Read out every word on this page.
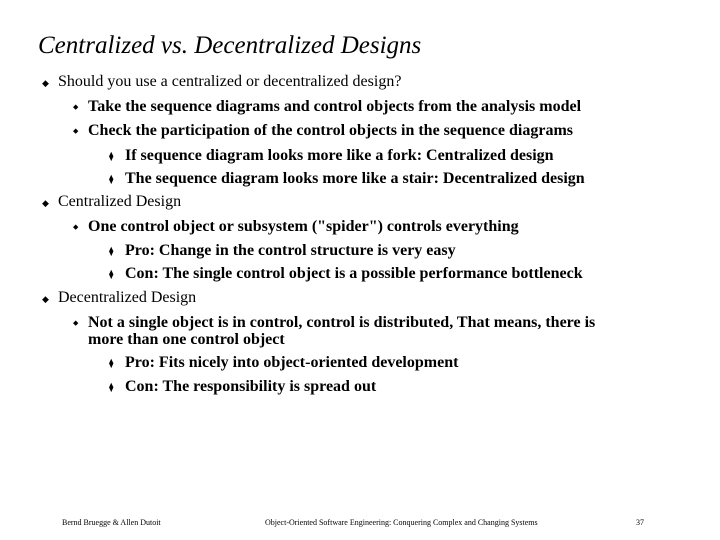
Centralized vs. Decentralized Designs
◆ Should you use a centralized or decentralized design?
◆ Take the sequence diagrams and control objects from the analysis model
◆ Check the participation of the control objects in the sequence diagrams
⧫ If sequence diagram looks more like a fork: Centralized design
⧫ The sequence diagram looks more like a stair: Decentralized design
◆ Centralized Design
◆ One control object or subsystem ("spider") controls everything
⧫ Pro: Change in the control structure is very easy
⧫ Con: The single control object is a possible performance bottleneck
◆ Decentralized Design
◆ Not a single object is in control, control is distributed, That means, there is
more than one control object
⧫ Pro: Fits nicely into object-oriented development
⧫ Con: The responsibility is spread out
Bernd Bruegge & Allen Dutoit	Object-Oriented Software Engineering: Conquering Complex and Changing Systems	37
